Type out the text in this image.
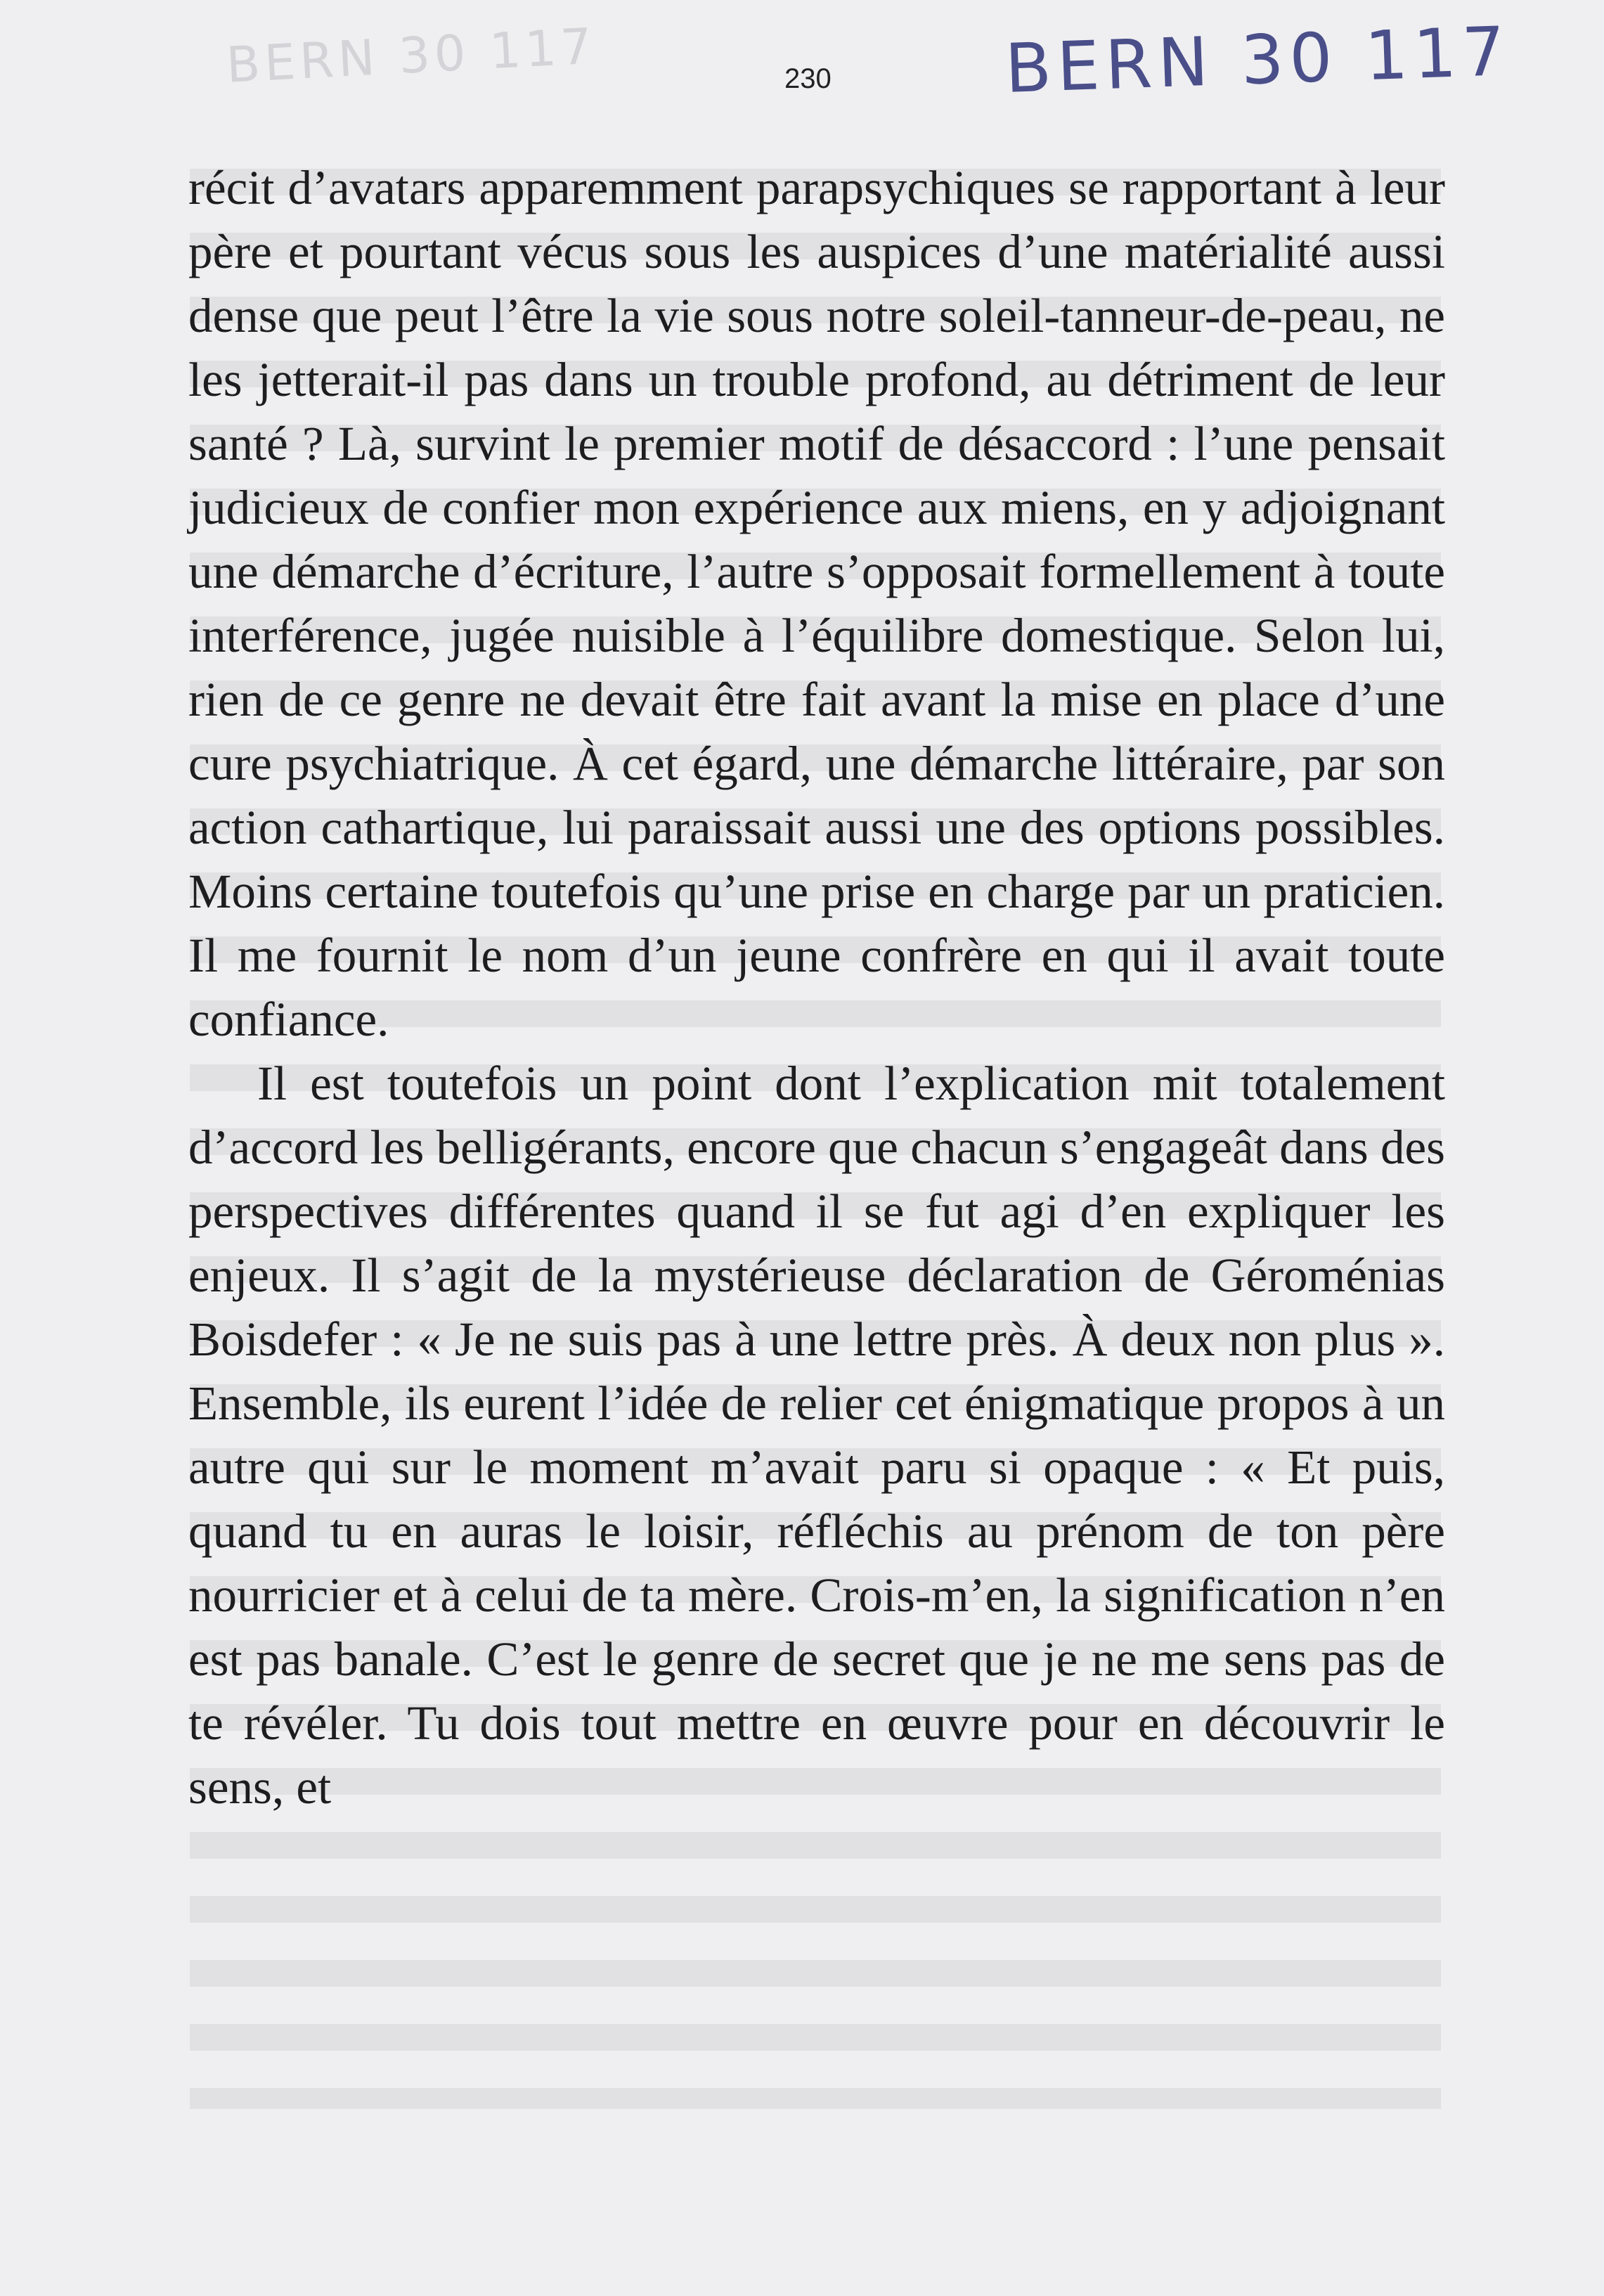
BERN 30 117	230	BERN 30 117

récit d’avatars apparemment parapsychiques se rapportant à leur père et pourtant vécus sous les auspices d’une matérialité aussi dense que peut l’être la vie sous notre soleil-tanneur-de-peau, ne les jetterait-il pas dans un trouble profond, au détriment de leur santé ? Là, survint le premier motif de désaccord : l’une pensait judicieux de confier mon expérience aux miens, en y adjoignant une démarche d’écriture, l’autre s’opposait formellement à toute interférence, jugée nuisible à l’équilibre domestique. Selon lui, rien de ce genre ne devait être fait avant la mise en place d’une cure psychiatrique. À cet égard, une démarche littéraire, par son action cathartique, lui paraissait aussi une des options possibles. Moins certaine toutefois qu’une prise en charge par un praticien. Il me fournit le nom d’un jeune confrère en qui il avait toute confiance.

Il est toutefois un point dont l’explication mit totalement d’accord les belligérants, encore que chacun s’engageât dans des perspectives différentes quand il se fut agi d’en expliquer les enjeux. Il s’agit de la mystérieuse déclaration de Géroménias Boisdefer : « Je ne suis pas à une lettre près. À deux non plus ». Ensemble, ils eurent l’idée de relier cet énigmatique propos à un autre qui sur le moment m’avait paru si opaque : « Et puis, quand tu en auras le loisir, réfléchis au prénom de ton père nourricier et à celui de ta mère. Crois-m’en, la signification n’en est pas banale. C’est le genre de secret que je ne me sens pas de te révéler. Tu dois tout mettre en œuvre pour en découvrir le sens, et
